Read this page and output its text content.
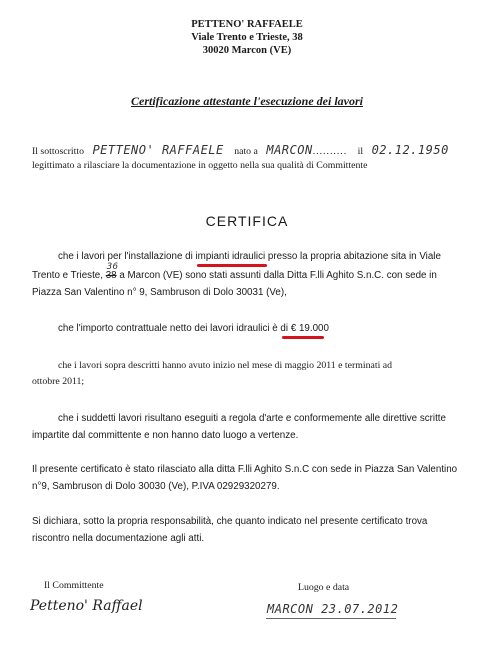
PETTENO' RAFFAELE
Viale Trento e Trieste, 38
30020 Marcon (VE)
Certificazione attestante l'esecuzione dei lavori
Il sottoscritto PETTENO' RAFFAELE nato a MARCON.......... il 02.12.1950
legittimato a rilasciare la documentazione in oggetto nella sua qualità di Committente
CERTIFICA
che i lavori per l'installazione di impianti idraulici presso la propria abitazione sita in Viale
Trento e Trieste, 38
36
a Marcon (VE) sono stati assunti dalla Ditta F.lli Aghito S.n.C. con sede in
Piazza San Valentino n° 9, Sambruson di Dolo 30031 (Ve),
che l'importo contrattuale netto dei lavori idraulici è di € 19.000
che i lavori sopra descritti hanno avuto inizio nel mese di maggio 2011 e terminati ad
ottobre 2011;
che i suddetti lavori risultano eseguiti a regola d'arte e conformemente alle direttive scritte
impartite dal committente e non hanno dato luogo a vertenze.
Il presente certificato è stato rilasciato alla ditta F.lli Aghito S.n.C con sede in Piazza San Valentino
n°9, Sambruson di Dolo 30030 (Ve), P.IVA 02929320279.
Si dichiara, sotto la propria responsabilità, che quanto indicato nel presente certificato trova
riscontro nella documentazione agli atti.
Il Committente
Petteno' Raffael
Luogo e data
MARCON 23.07.2012
